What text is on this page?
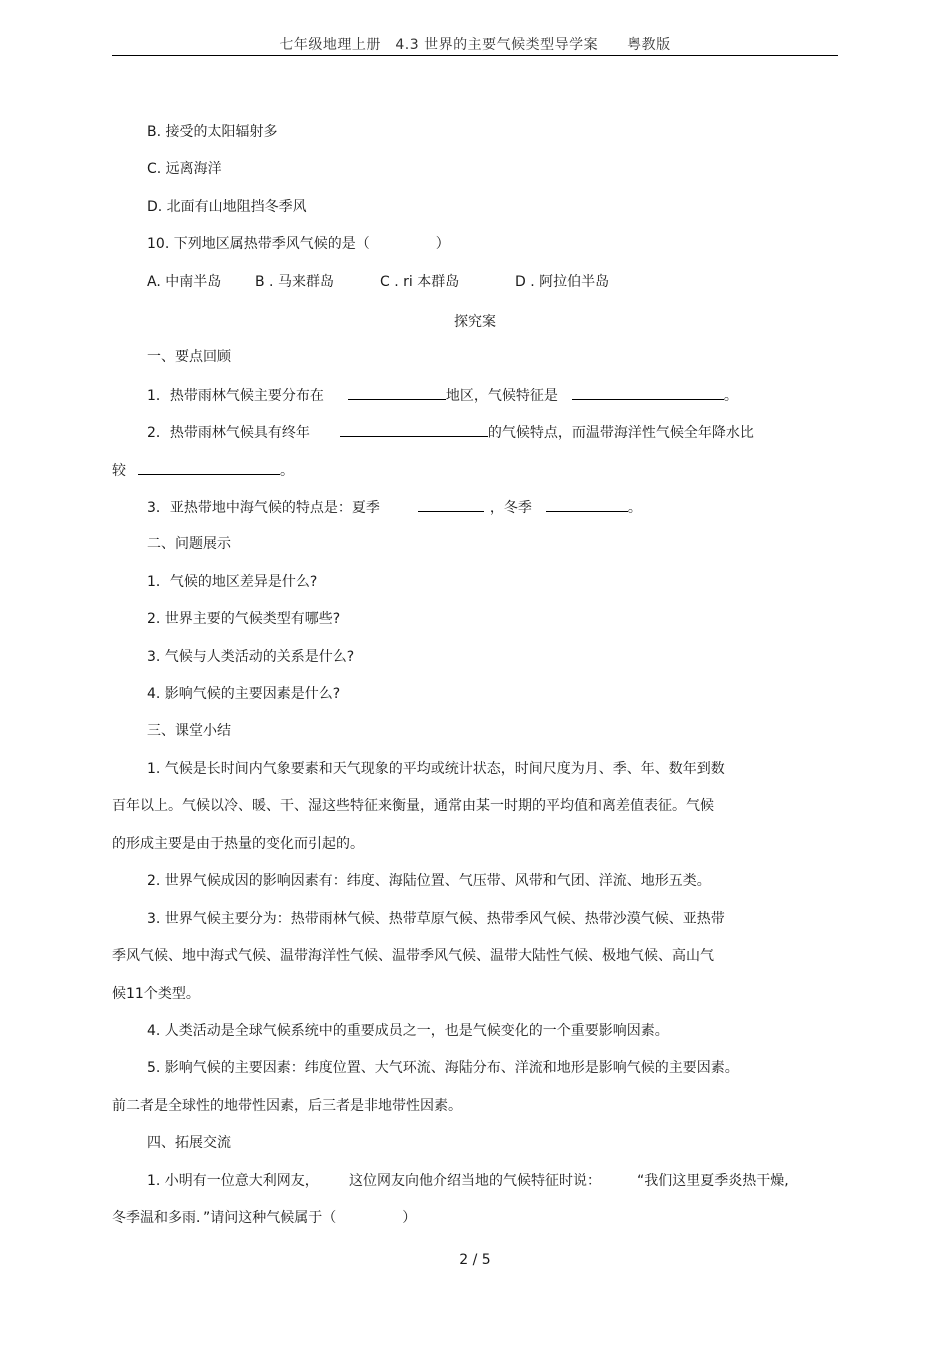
七年级地理上册　4.3 世界的主要气候类型导学案　　粤教版
B. 接受的太阳辐射多
C. 远离海洋
D. 北面有山地阻挡冬季风
10. 下列地区属热带季风气候的是（	）
A. 中南半岛 B . 马来群岛	C . ri 本群岛	D . 阿拉伯半岛
探究案
一、要点回顾
1．热带雨林气候主要分布在	地区，气候特征是	。
2．热带雨林气候具有终年	的气候特点，而温带海洋性气候全年降水比
较	。
3．亚热带地中海气候的特点是：夏季	，冬季	。
二、问题展示
1．气候的地区差异是什么?
2. 世界主要的气候类型有哪些?
3. 气候与人类活动的关系是什么?
4. 影响气候的主要因素是什么?
三、课堂小结
1. 气候是长时间内气象要素和天气现象的平均或统计状态，时间尺度为月、季、年、数年到数
百年以上。气候以冷、暖、干、湿这些特征来衡量，通常由某一时期的平均值和离差值表征。气候
的形成主要是由于热量的变化而引起的。
2. 世界气候成因的影响因素有：纬度、海陆位置、气压带、风带和气团、洋流、地形五类。
3. 世界气候主要分为：热带雨林气候、热带草原气候、热带季风气候、热带沙漠气候、亚热带
季风气候、地中海式气候、温带海洋性气候、温带季风气候、温带大陆性气候、极地气候、高山气
候11个类型。
4. 人类活动是全球气候系统中的重要成员之一，也是气候变化的一个重要影响因素。
5. 影响气候的主要因素：纬度位置、大气环流、海陆分布、洋流和地形是影响气候的主要因素。
前二者是全球性的地带性因素，后三者是非地带性因素。
四、拓展交流
1. 小明有一位意大利网友， 这位网友向他介绍当地的气候特征时说：	“我们这里夏季炎热干燥,
冬季温和多雨．”请问这种气候属于（	）
2 / 5
